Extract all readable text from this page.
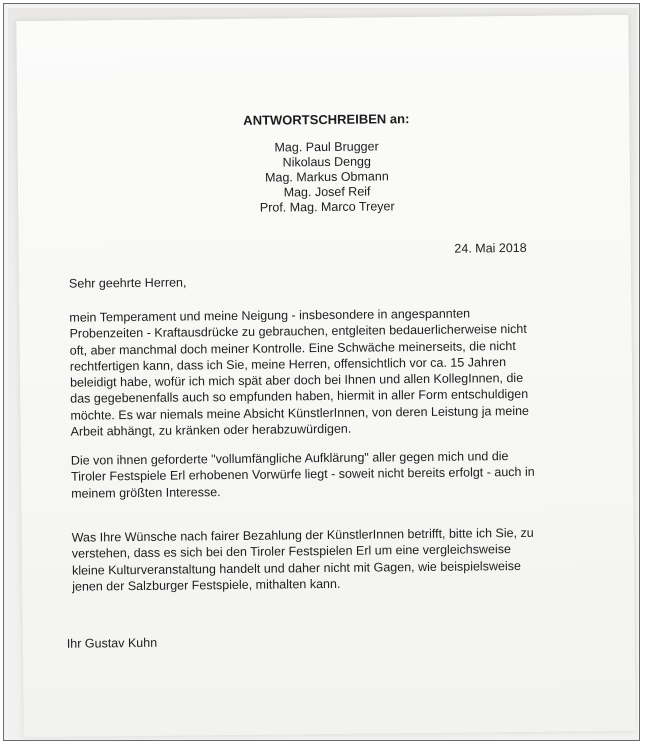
ANTWORTSCHREIBEN an:
Mag. Paul Brugger
Nikolaus Dengg
Mag. Markus Obmann
Mag. Josef Reif
Prof. Mag. Marco Treyer
24. Mai 2018
Sehr geehrte Herren,
mein Temperament und meine Neigung - insbesondere in angespannten
Probenzeiten - Kraftausdrücke zu gebrauchen, entgleiten bedauerlicherweise nicht
oft, aber manchmal doch meiner Kontrolle. Eine Schwäche meinerseits, die nicht
rechtfertigen kann, dass ich Sie, meine Herren, offensichtlich vor ca. 15 Jahren
beleidigt habe, wofür ich mich spät aber doch bei Ihnen und allen KollegInnen, die
das gegebenenfalls auch so empfunden haben, hiermit in aller Form entschuldigen
möchte. Es war niemals meine Absicht KünstlerInnen, von deren Leistung ja meine
Arbeit abhängt, zu kränken oder herabzuwürdigen.
Die von ihnen geforderte "vollumfängliche Aufklärung" aller gegen mich und die
Tiroler Festspiele Erl erhobenen Vorwürfe liegt - soweit nicht bereits erfolgt - auch in
meinem größten Interesse.
Was Ihre Wünsche nach fairer Bezahlung der KünstlerInnen betrifft, bitte ich Sie, zu
verstehen, dass es sich bei den Tiroler Festspielen Erl um eine vergleichsweise
kleine Kulturveranstaltung handelt und daher nicht mit Gagen, wie beispielsweise
jenen der Salzburger Festspiele, mithalten kann.
Ihr Gustav Kuhn
